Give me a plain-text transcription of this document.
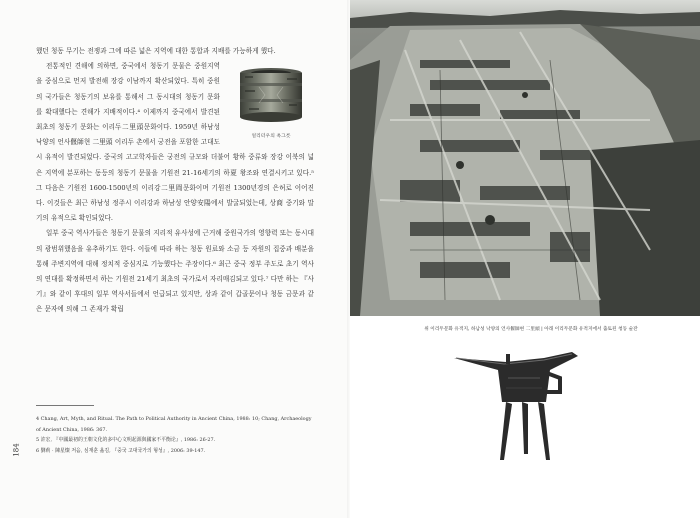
했던 청동 무기는 전쟁과 그에 따른 넓은 지역에 대한 통합과 지배를 가능하게 했다.

얼리터우의 옥그릇

전통적인 견해에 의하면, 중국에서 청동기 문물은 중원지역을 중심으로 먼저 발전해 장강 이남까지 확산되었다. 특히 중원의 국가들은 청동기의 보유를 통해서 그 동시대의 청동기 문화를 확대했다는 견해가 지배적이다.⁴ 이제까지 중국에서 발견된 최초의 청동기 문화는 이리두二里頭문화이다. 1959년 하남성 낙양의 언사偃師현 二里頭 이리두 촌에서 궁전을 포함한 고대도시 유적이 발견되었다. 중국의 고고학자들은 궁전의 규모와 더불어 황하 중류와 장강 이북의 넓은 지역에 분포하는 동등의 청동기 문물을 기원전 21-16세기의 하夏 왕조와 연결시키고 있다.⁵ 그 다음은 기원전 1600-1500년의 이리강二里岡문화이며 기원전 1300년경의 은허로 이어진다. 이것들은 최근 하남성 정주시 이리강과 하남성 안양安陽에서 발굴되었는데, 상商 중기와 말기의 유적으로 확인되었다.

일부 중국 역사가들은 청동기 문물의 지리적 유사성에 근거해 중원국가의 영향력 또는 동시대의 광범위했음을 유추하기도 한다. 이들에 따라 하는 청동 원료와 소금 등 자원의 집중과 배분을 통해 주변지역에 대해 정치적 중심지로 기능했다는 주장이다.⁶ 최근 중국 정부 주도로 초기 역사의 연대를 확정하면서 하는 기원전 21세기 최초의 국가로서 자리매김되고 있다.⁷ 다만 하는 『사기』와 같이 후대의 일부 역사서들에서 언급되고 있지만, 상과 같이 갑골문이나 청동 금문과 같은 문자에 의해 그 존재가 확립

4 Chang, Art, Myth, and Ritual. The Path to Political Authority in Ancient China, 1988: 10; Chang, Archaeology of Ancient China, 1986: 367.
5 許宏, 『中國最初的王朝文化的多中心文明起源與國家不平衡论』, 1986: 26-27.
6 劉莉 · 陳星燦 저음, 심재훈 옮김, 『중국 고대국가의 형성』, 2006: 39-147.
184
위 이리두문화 유적지, 하남성 낙양의 언사偃師현 二里頭 | 아래 이리두문화 유적지에서 출토된 청동 술잔
